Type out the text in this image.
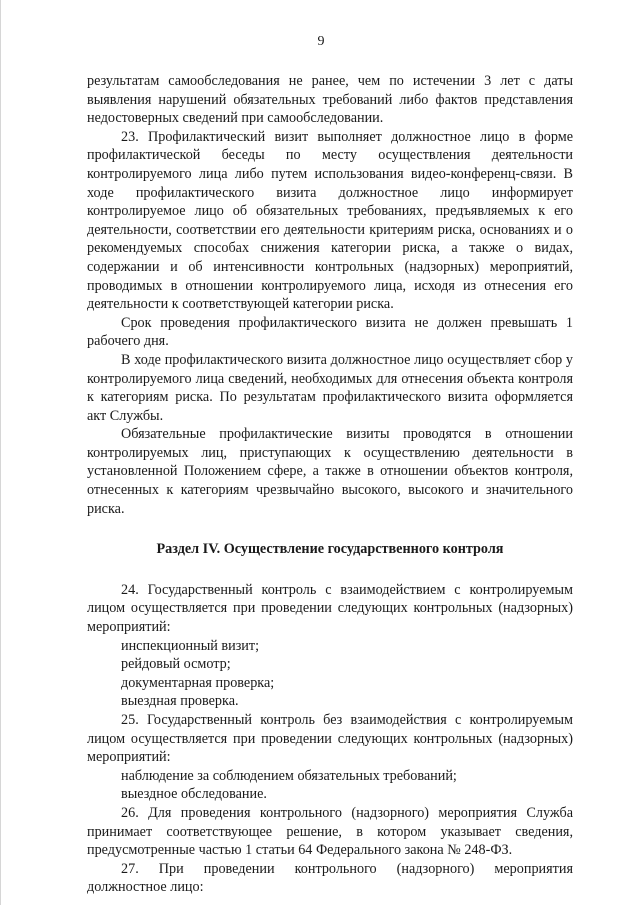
9

результатам самообследования не ранее, чем по истечении 3 лет с даты выявления нарушений обязательных требований либо фактов представления недостоверных сведений при самообследовании.

23. Профилактический визит выполняет должностное лицо в форме профилактической беседы по месту осуществления деятельности контролируемого лица либо путем использования видео-конференц-связи. В ходе профилактического визита должностное лицо информирует контролируемое лицо об обязательных требованиях, предъявляемых к его деятельности, соответствии его деятельности критериям риска, основаниях и о рекомендуемых способах снижения категории риска, а также о видах, содержании и об интенсивности контрольных (надзорных) мероприятий, проводимых в отношении контролируемого лица, исходя из отнесения его деятельности к соответствующей категории риска.

Срок проведения профилактического визита не должен превышать 1 рабочего дня.

В ходе профилактического визита должностное лицо осуществляет сбор у контролируемого лица сведений, необходимых для отнесения объекта контроля к категориям риска. По результатам профилактического визита оформляется акт Службы.

Обязательные профилактические визиты проводятся в отношении контролируемых лиц, приступающих к осуществлению деятельности в установленной Положением сфере, а также в отношении объектов контроля, отнесенных к категориям чрезвычайно высокого, высокого и значительного риска.

Раздел IV. Осуществление государственного контроля

24. Государственный контроль с взаимодействием с контролируемым лицом осуществляется при проведении следующих контрольных (надзорных) мероприятий:

инспекционный визит;
рейдовый осмотр;
документарная проверка;
выездная проверка.

25. Государственный контроль без взаимодействия с контролируемым лицом осуществляется при проведении следующих контрольных (надзорных) мероприятий:

наблюдение за соблюдением обязательных требований;
выездное обследование.

26. Для проведения контрольного (надзорного) мероприятия Служба принимает соответствующее решение, в котором указывает сведения, предусмотренные частью 1 статьи 64 Федерального закона № 248-ФЗ.

27. При проведении контрольного (надзорного) мероприятия должностное лицо:
